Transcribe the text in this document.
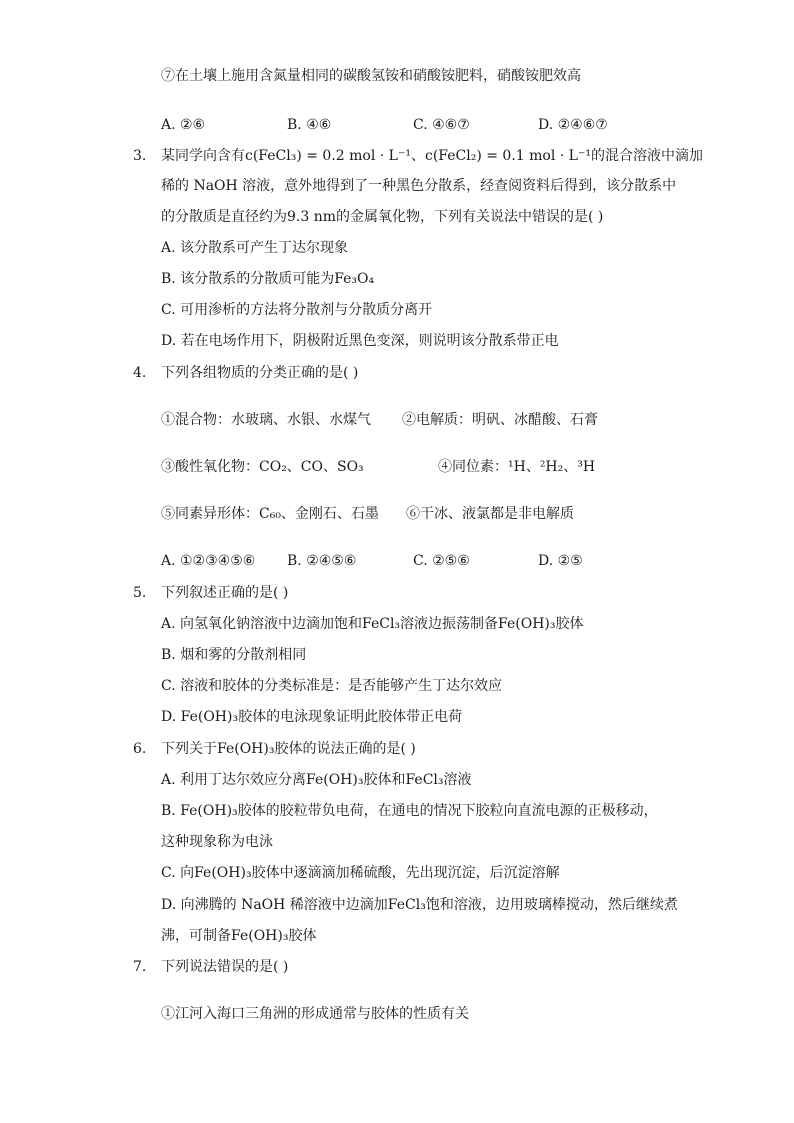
⑦在土壤上施用含氮量相同的碳酸氢铵和硝酸铵肥料，硝酸铵肥效高
A. ②⑥	B. ④⑥	C. ④⑥⑦	D. ②④⑥⑦
3. 某同学向含有c(FeCl₃) = 0.2 mol · L⁻¹、c(FeCl₂) = 0.1 mol · L⁻¹的混合溶液中滴加
稀的 NaOH 溶液，意外地得到了一种黑色分散系，经查阅资料后得到，该分散系中
的分散质是直径约为9.3 nm的金属氧化物，下列有关说法中错误的是( )
A. 该分散系可产生丁达尔现象
B. 该分散系的分散质可能为Fe₃O₄
C. 可用渗析的方法将分散剂与分散质分离开
D. 若在电场作用下，阴极附近黑色变深，则说明该分散系带正电
4. 下列各组物质的分类正确的是( )
①混合物：水玻璃、水银、水煤气 ②电解质：明矾、冰醋酸、石膏
③酸性氧化物：CO₂、CO、SO₃	④同位素：¹H、²H₂、³H
⑤同素异形体：C₆₀、金刚石、石墨 ⑥干冰、液氯都是非电解质
A. ①②③④⑤⑥ B. ②④⑤⑥	C. ②⑤⑥	D. ②⑤
5. 下列叙述正确的是( )
A. 向氢氧化钠溶液中边滴加饱和FeCl₃溶液边振荡制备Fe(OH)₃胶体
B. 烟和雾的分散剂相同
C. 溶液和胶体的分类标准是：是否能够产生丁达尔效应
D. Fe(OH)₃胶体的电泳现象证明此胶体带正电荷
6. 下列关于Fe(OH)₃胶体的说法正确的是( )
A. 利用丁达尔效应分离Fe(OH)₃胶体和FeCl₃溶液
B. Fe(OH)₃胶体的胶粒带负电荷，在通电的情况下胶粒向直流电源的正极移动，
这种现象称为电泳
C. 向Fe(OH)₃胶体中逐滴滴加稀硫酸，先出现沉淀，后沉淀溶解
D. 向沸腾的 NaOH 稀溶液中边滴加FeCl₃饱和溶液，边用玻璃棒搅动，然后继续煮
沸，可制备Fe(OH)₃胶体
7. 下列说法错误的是( )
①江河入海口三角洲的形成通常与胶体的性质有关
